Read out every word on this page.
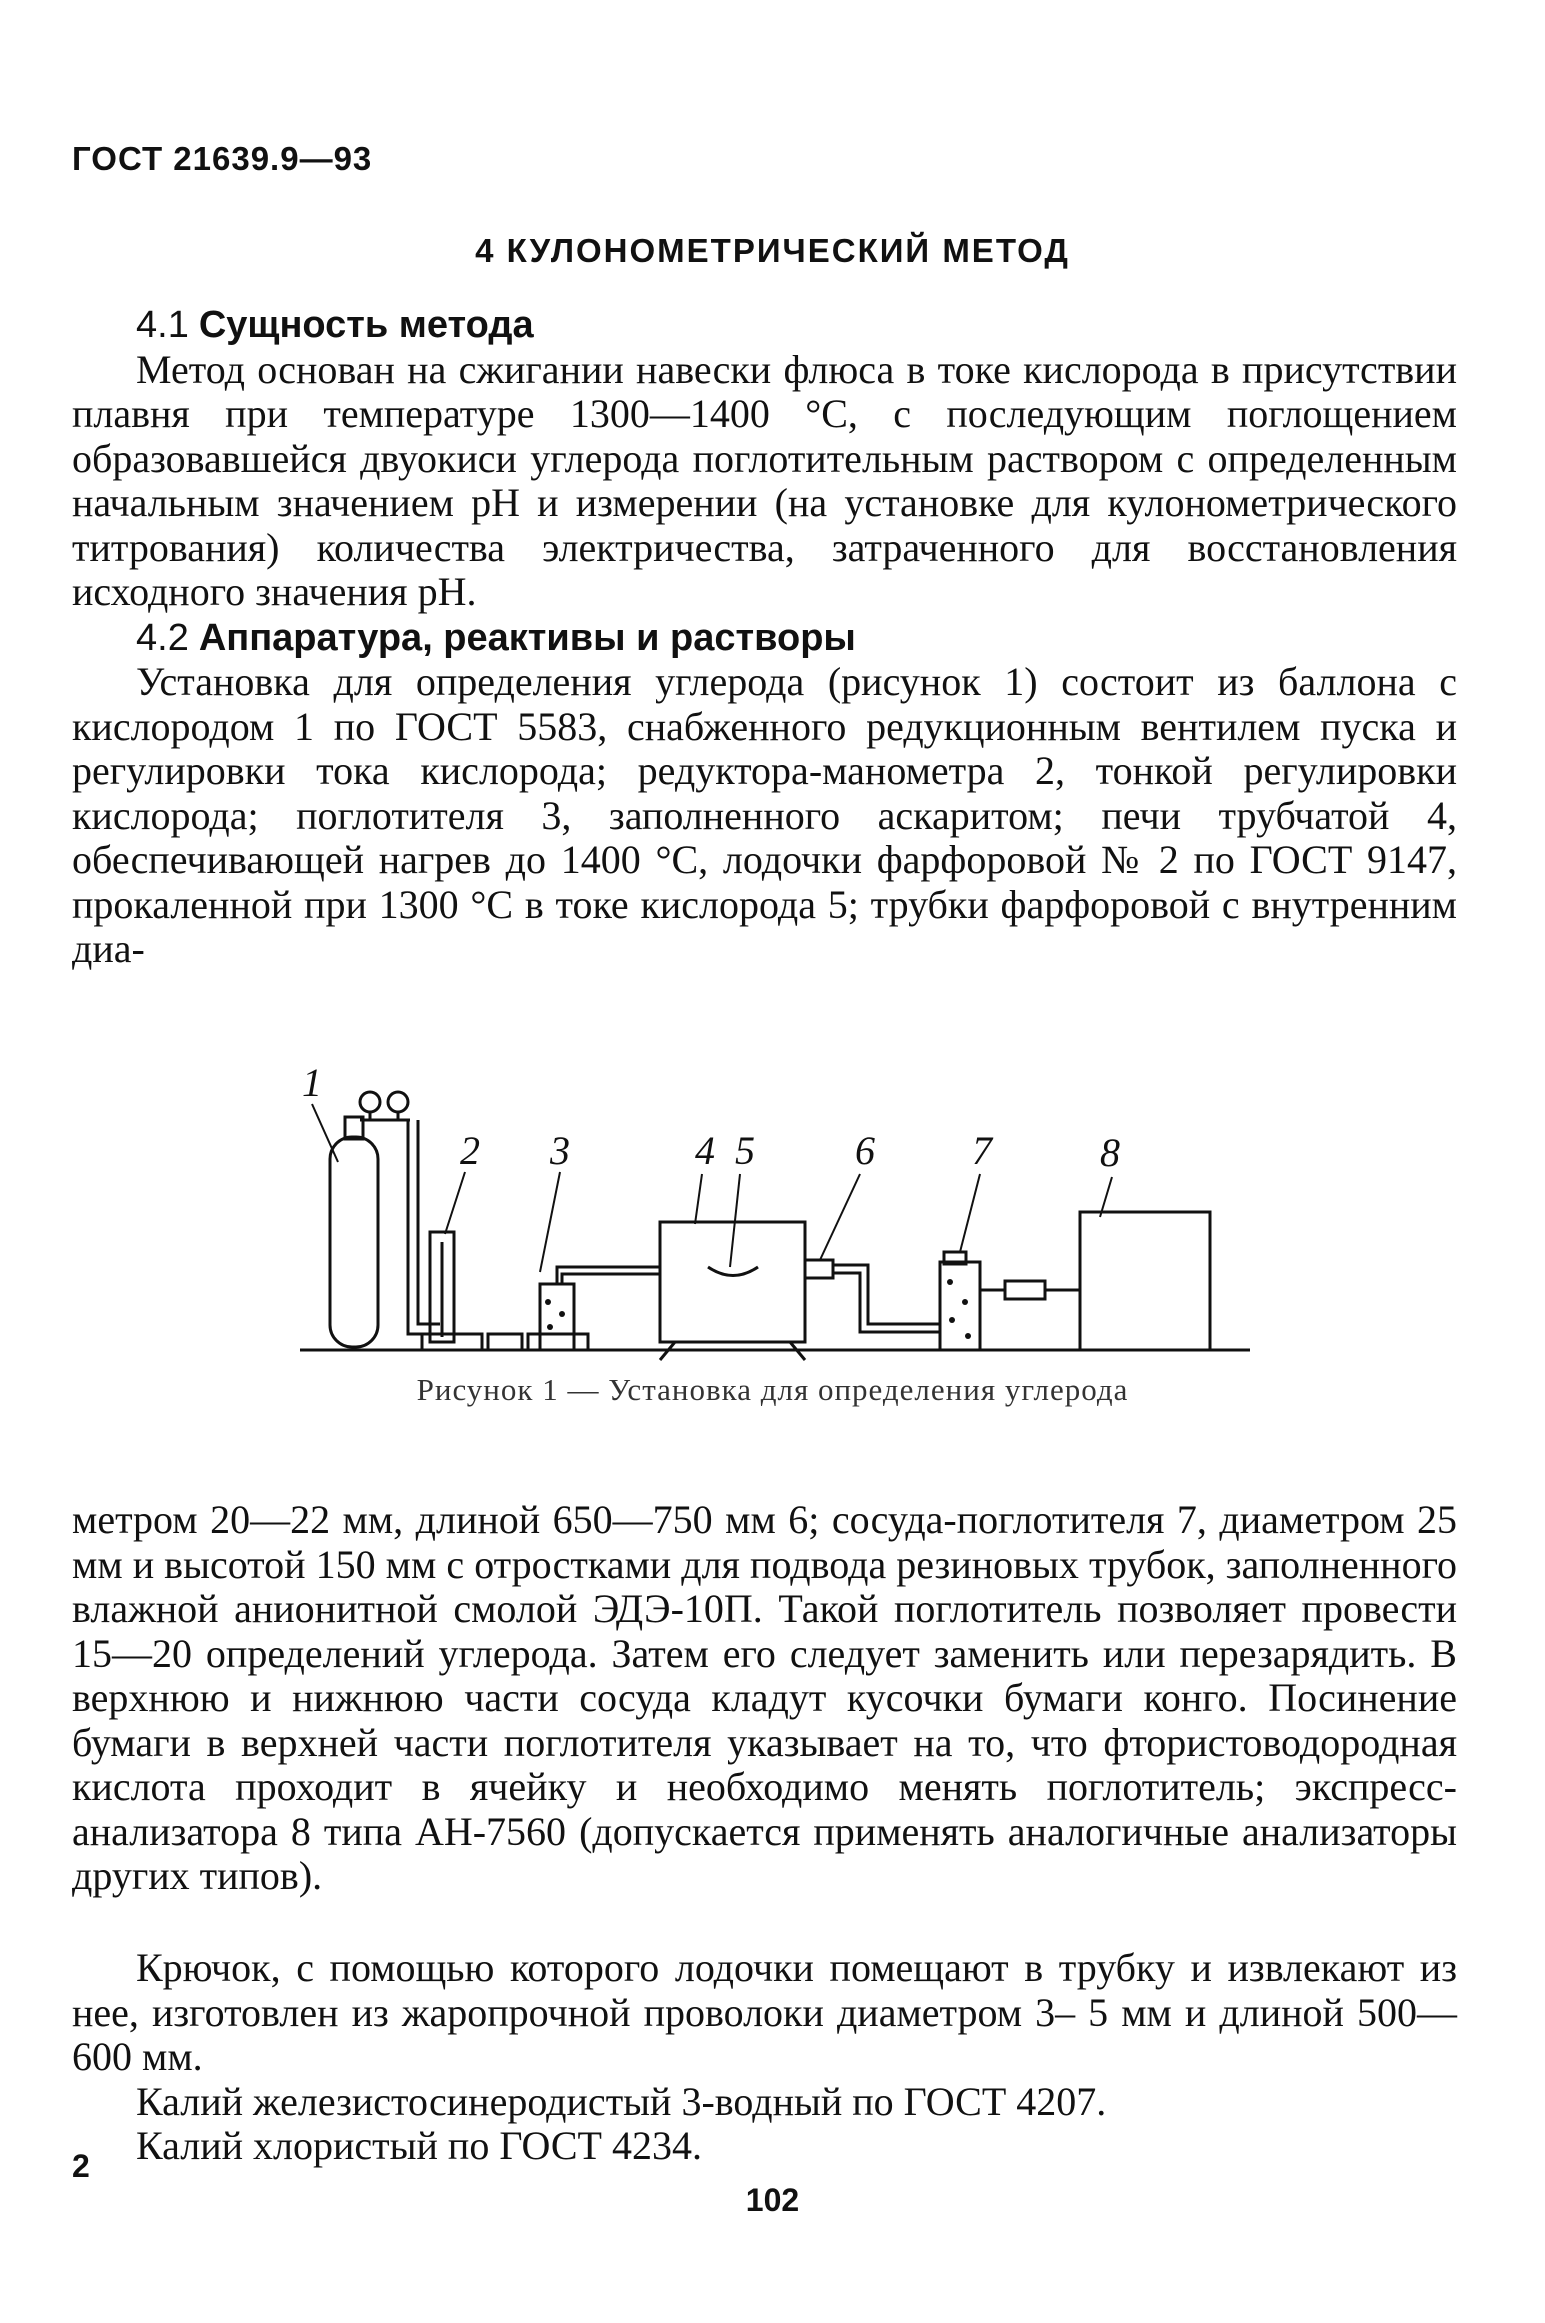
ГОСТ 21639.9—93
4 КУЛОНОМЕТРИЧЕСКИЙ МЕТОД

4.1 Сущность метода

Метод основан на сжигании навески флюса в токе кислорода в присутствии плавня при температуре 1300—1400 °С, с последующим поглощением образовавшейся двуокиси углерода поглотительным раствором с определенным начальным значением рН и измерении (на установке для кулонометрического титрования) количества электричества, затраченного для восстановления исходного значения рН.

4.2 Аппаратура, реактивы и растворы

Установка для определения углерода (рисунок 1) состоит из баллона с кислородом 1 по ГОСТ 5583, снабженного редукционным вентилем пуска и регулировки тока кислорода; редуктора-манометра 2, тонкой регулировки кислорода; поглотителя 3, заполненного аскаритом; печи трубчатой 4, обеспечивающей нагрев до 1400 °С, лодочки фарфоровой № 2 по ГОСТ 9147, прокаленной при 1300 °С в токе кислорода 5; трубки фарфоровой с внутренним диа-

1
2 3	4 5	6 7	8
Рисунок 1 — Установка для определения углерода

метром 20—22 мм, длиной 650—750 мм 6; сосуда-поглотителя 7, диаметром 25 мм и высотой 150 мм с отростками для подвода резиновых трубок, заполненного влажной анионитной смолой ЭДЭ-10П. Такой поглотитель позволяет провести 15—20 определений углерода. Затем его следует заменить или перезарядить. В верхнюю и нижнюю части сосуда кладут кусочки бумаги конго. Посинение бумаги в верхней части поглотителя указывает на то, что фтористоводородная кислота проходит в ячейку и необходимо менять поглотитель; экспресс-анализатора 8 типа АН-7560 (допускается применять аналогичные анализаторы других типов).

Крючок, с помощью которого лодочки помещают в трубку и извлекают из нее, изготовлен из жаропрочной проволоки диаметром 3– 5 мм и длиной 500—600 мм.

Калий железистосинеродистый 3-водный по ГОСТ 4207.

Калий хлористый по ГОСТ 4234.

2
102
